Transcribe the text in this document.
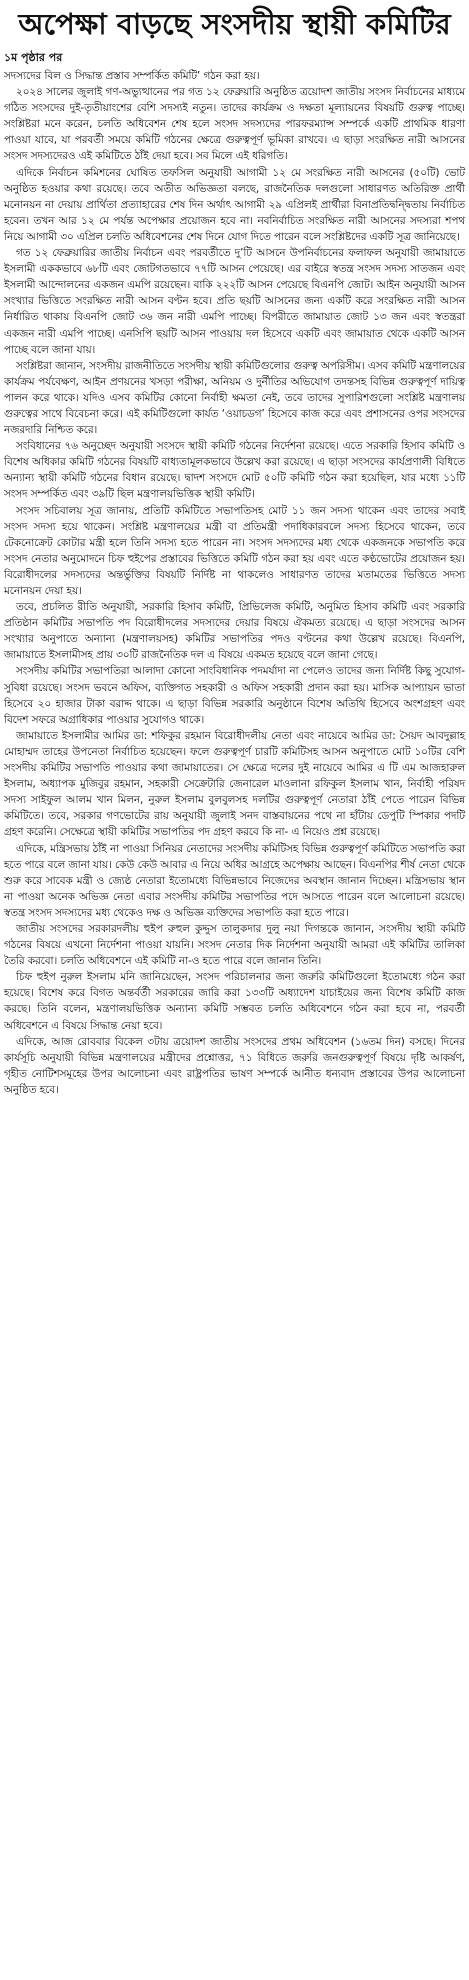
অপেক্ষা বাড়ছে সংসদীয় স্থায়ী কমিটির
১ম পৃষ্ঠার পর

সদস্যদের বিল ও সিদ্ধান্ত প্রস্তাব সম্পর্কিত কমিটি’ গঠন করা হয়।

২০২৪ সালের জুলাই গণ-অভ্যুত্থানের পর গত ১২ ফেব্রুয়ারি অনুষ্ঠিত ত্রয়োদশ জাতীয় সংসদ নির্বাচনের মাধ্যমে গঠিত সংসদের দুই-তৃতীয়াংশের বেশি সদস্যই নতুন। তাদের কার্যক্রম ও দক্ষতা মূল্যায়নের বিষয়টি গুরুত্ব পাচ্ছে। সংশ্লিষ্টরা মনে করেন, চলতি অধিবেশন শেষ হলে সংসদ সদস্যদের পারফরম্যান্স সম্পর্কে একটি প্রাথমিক ধারণা পাওয়া যাবে, যা পরবর্তী সময়ে কমিটি গঠনের ক্ষেত্রে গুরুত্বপূর্ণ ভূমিকা রাখবে। এ ছাড়া সংরক্ষিত নারী আসনের সংসদ সদস্যদেরও এই কমিটিতে ঠাঁই দেয়া হবে। সব মিলে এই ধরিগতি।

এদিকে নির্বাচন কমিশনের ঘোষিত তফসিল অনুযায়ী আগামী ১২ মে সংরক্ষিত নারী আসনের (৫০টি) ভোট অনুষ্ঠিত হওয়ার কথা রয়েছে। তবে অতীত অভিজ্ঞতা বলছে, রাজনৈতিক দলগুলো সাধারণত অতিরিক্ত প্রার্থী মনোনয়ন না দেয়ায় প্রার্থিতা প্রত্যাহারের শেষ দিন অর্থাৎ আগামী ২৯ এপ্রিলই প্রার্থীরা বিনাপ্রতিদ্বন্দ্বিতায় নির্বাচিত হবেন। তখন আর ১২ মে পর্যন্ত অপেক্ষার প্রয়োজন হবে না। নবনির্বাচিত সংরক্ষিত নারী আসনের সদস্যরা শপথ নিয়ে আগামী ৩০ এপ্রিল চলতি অধিবেশনের শেষ দিনে যোগ দিতে পারেন বলে সংশ্লিষ্টদের একটি সূত্র জানিয়েছে।

গত ১২ ফেব্রুয়ারির জাতীয় নির্বাচন এবং পরবর্তীতে দু’টি আসনে উপনির্বাচনের ফলাফল অনুযায়ী জামায়াতে ইসলামী এককভাবে ৬৮টি এবং জোটগতভাবে ৭৭টি আসন পেয়েছে। এর বাইরে স্বতন্ত্র সংসদ সদস্য সাতজন এবং ইসলামী আন্দোলনের একজন এমপি রয়েছেন। বাকি ২২২টি আসন পেয়েছে বিএনপি জোট। আইন অনুযায়ী আসন সংখ্যার ভিত্তিতে সংরক্ষিত নারী আসন বণ্টন হবে। প্রতি ছয়টি আসনের জন্য একটি করে সংরক্ষিত নারী আসন নির্ধারিত থাকায় বিএনপি জোট ৩৬ জন নারী এমপি পাচ্ছে। বিপরীতে জামায়াত জোট ১৩ জন এবং স্বতন্ত্ররা একজন নারী এমপি পাচ্ছে। এনসিপি ছয়টি আসন পাওয়ায় দল হিসেবে একটি এবং জামায়াত থেকে একটি আসন পাচ্ছে বলে জানা যায়।

সংশ্লিষ্টরা জানান, সংসদীয় রাজনীতিতে সংসদীয় স্থায়ী কমিটিগুলোর গুরুত্ব অপরিসীম। এসব কমিটি মন্ত্রণালয়ের কার্যক্রম পর্যবেক্ষণ, আইন প্রণয়নের খসড়া পরীক্ষা, অনিয়ম ও দুর্নীতির অভিযোগ তদন্তসহ বিভিন্ন গুরুত্বপূর্ণ দায়িত্ব পালন করে থাকে। যদিও এসব কমিটির কোনো নির্বাহী ক্ষমতা নেই, তবে তাদের সুপারিশগুলো সংশ্লিষ্ট মন্ত্রণালয় গুরুত্বের সাথে বিবেচনা করে। এই কমিটিগুলো কার্যত ‘ওয়াচডগ’ হিসেবে কাজ করে এবং প্রশাসনের ওপর সংসদের নজরদারি নিশ্চিত করে।

সংবিধানের ৭৬ অনুচ্ছেদ অনুযায়ী সংসদে স্থায়ী কমিটি গঠনের নির্দেশনা রয়েছে। এতে সরকারি হিসাব কমিটি ও বিশেষ অধিকার কমিটি গঠনের বিষয়টি বাধ্যতামূলকভাবে উল্লেখ করা রয়েছে। এ ছাড়া সংসদের কার্যপ্রণালী বিধিতে অন্যান্য স্থায়ী কমিটি গঠনের বিধান রয়েছে। দ্বাদশ সংসদে মোট ৫০টি কমিটি গঠন করা হয়েছিল, যার মধ্যে ১১টি সংসদ সম্পর্কিত এবং ৩৯টি ছিল মন্ত্রণালয়ভিত্তিক স্থায়ী কমিটি।

সংসদ সচিবালয় সূত্র জানায়, প্রতিটি কমিটিতে সভাপতিসহ মোট ১১ জন সদস্য থাকেন এবং তাদের সবাই সংসদ সদস্য হয়ে থাকেন। সংশ্লিষ্ট মন্ত্রণালয়ের মন্ত্রী বা প্রতিমন্ত্রী পদাধিকারবলে সদস্য হিসেবে থাকেন, তবে টেকনোক্রেট কোটার মন্ত্রী হলে তিনি সদস্য হতে পারেন না। সংসদ সদস্যদের মধ্য থেকে একজনকে সভাপতি করে সংসদ নেতার অনুমোদনে চিফ হুইপের প্রস্তাবের ভিত্তিতে কমিটি গঠন করা হয় এবং এতে কণ্ঠভোটের প্রয়োজন হয়। বিরোধীদলের সদস্যদের অন্তর্ভুক্তির বিষয়টি নির্দিষ্ট না থাকলেও সাধারণত তাদের মতামতের ভিত্তিতে সদস্য মনোনয়ন দেয়া হয়।

তবে, প্রচলিত রীতি অনুযায়ী, সরকারি হিসাব কমিটি, প্রিভিলেজ কমিটি, অনুমিত হিসাব কমিটি এবং সরকারি প্রতিষ্ঠান কমিটির সভাপতি পদ বিরোধীদলের সদস্যদের দেয়ার বিষয়ে ঐকমত্য রয়েছে। এ ছাড়া সংসদের আসন সংখ্যার অনুপাতে অন্যান্য (মন্ত্রণালয়সহ) কমিটির সভাপতির পদও বণ্টনের কথা উল্লেখ রয়েছে। বিএনপি, জামায়াতে ইসলামীসহ প্রায় ৩০টি রাজনৈতিক দল এ বিষয়ে একমত হয়েছে বলে জানা গেছে।

সংসদীয় কমিটির সভাপতিরা আলাদা কোনো সাংবিধানিক পদমর্যাদা না পেলেও তাদের জন্য নির্দিষ্ট কিছু সুযোগ-সুবিধা রয়েছে। সংসদ ভবনে অফিস, ব্যক্তিগত সহকারী ও অফিস সহকারী প্রদান করা হয়। মাসিক আপ্যায়ন ভাতা হিসেবে ২০ হাজার টাকা বরাদ্দ থাকে। এ ছাড়া বিভিন্ন সরকারি অনুষ্ঠানে বিশেষ অতিথি হিসেবে অংশগ্রহণ এবং বিদেশ সফরে অগ্রাধিকার পাওয়ার সুযোগও থাকে।

জামায়াতে ইসলামীর আমির ডা: শফিকুর রহমান বিরোধীদলীয় নেতা এবং নায়েবে আমির ডা: সৈয়দ আবদুল্লাহ মোহাম্মদ তাহের উপনেতা নির্বাচিত হয়েছেন। ফলে গুরুত্বপূর্ণ চারটি কমিটিসহ আসন অনুপাতে মোট ১০টির বেশি সংসদীয় কমিটির সভাপতি পাওয়ার কথা জামায়াতের। সে ক্ষেত্রে দলের দুই নায়েবে আমির এ টি এম আজহারুল ইসলাম, অধ্যাপক মুজিবুর রহমান, সহকারী সেক্রেটারি জেনারেল মাওলানা রফিকুল ইসলাম খান, নির্বাহী পরিষদ সদস্য সাইফুল আলম খান মিলন, নুরুল ইসলাম বুলবুলসহ দলটির গুরুত্বপূর্ণ নেতারা ঠাঁই পেতে পারেন বিভিন্ন কমিটিতে। তবে, সরকার গণভোটের রায় অনুযায়ী জুলাই সনদ বাস্তবায়নের পথে না হাঁটায় ডেপুটি স্পিকার পদটি গ্রহণ করেনি। সেক্ষেত্রে স্থায়ী কমিটির সভাপতির পদ গ্রহণ করবে কি না- এ নিয়েও প্রশ্ন রয়েছে।

এদিকে, মন্ত্রিসভায় ঠাঁই না পাওয়া সিনিয়র নেতাদের সংসদীয় কমিটিসহ বিভিন্ন গুরুত্বপূর্ণ কমিটিতে সভাপতি করা হতে পারে বলে জানা যায়। কেউ কেউ আবার এ নিয়ে অধির আগ্রহে অপেক্ষায় আছেন। বিএনপির শীর্ষ নেতা থেকে শুরু করে সাবেক মন্ত্রী ও জ্যেষ্ঠ নেতারা ইতোমধ্যে বিভিন্নভাবে নিজেদের অবস্থান জানান দিচ্ছেন। মন্ত্রিসভায় স্থান না পাওয়া অনেক অভিজ্ঞ নেতা এবার সংসদীয় কমিটির সভাপতির পদে আসতে পারেন বলে আলোচনা রয়েছে। স্বতন্ত্র সংসদ সদস্যদের মধ্য থেকেও দক্ষ ও অভিজ্ঞ ব্যক্তিদের সভাপতি করা হতে পারে।

জাতীয় সংসদের সরকারদলীয় হুইপ রুহুল কুদ্দুস তালুকদার দুলু নয়া দিগন্তকে জানান, সংসদীয় স্থায়ী কমিটি গঠনের বিষয়ে এখনো নির্দেশনা পাওয়া যায়নি। সংসদ নেতার দিক নির্দেশনা অনুযায়ী আমরা এই কমিটির তালিকা তৈরি করবো। চলতি অধিবেশনে এই কমিটি না-ও হতে পারে বলে জানান তিনি।

চিফ হুইপ নুরুল ইসলাম মনি জানিয়েছেন, সংসদ পরিচালনার জন্য জরুরি কমিটিগুলো ইতোমধ্যে গঠন করা হয়েছে। বিশেষ করে বিগত অন্তর্বর্তী সরকারের জারি করা ১৩৩টি অধ্যাদেশ যাচাইয়ের জন্য বিশেষ কমিটি কাজ করছে। তিনি বলেন, মন্ত্রণালয়ভিত্তিক অন্যান্য কমিটি সম্ভবত চলতি অধিবেশনে গঠন করা হবে না, পরবর্তী অধিবেশনে এ বিষয়ে সিদ্ধান্ত নেয়া হবে।

এদিকে, আজ রোববার বিকেল ৩টায় ত্রয়োদশ জাতীয় সংসদের প্রথম অধিবেশন (১৬তম দিন) বসছে। দিনের কার্যসূচি অনুযায়ী বিভিন্ন মন্ত্রণালয়ের মন্ত্রীদের প্রশ্নোত্তর, ৭১ বিধিতে জরুরি জনগুরুত্বপূর্ণ বিষয়ে দৃষ্টি আকর্ষণ, গৃহীত নোটিশসমূহের উপর আলোচনা এবং রাষ্ট্রপতির ভাষণ সম্পর্কে আনীত ধন্যবাদ প্রস্তাবের উপর আলোচনা অনুষ্ঠিত হবে।
